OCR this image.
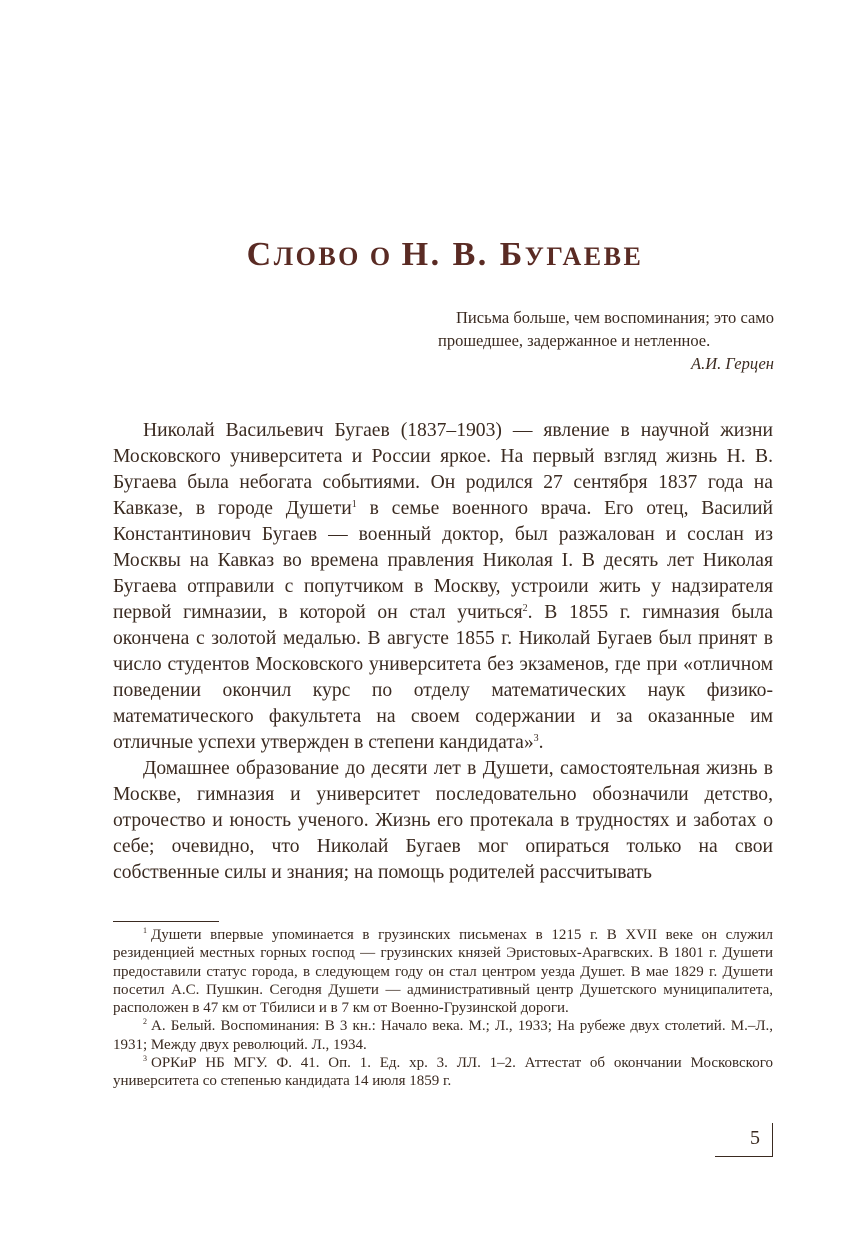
СЛОВО О Н. В. БУГАЕВЕ
Письма больше, чем воспоминания; это само прошедшее, задержанное и нетленное.
А.И. Герцен

Николай Васильевич Бугаев (1837–1903) — явление в научной жизни Московского университета и России яркое. На первый взгляд жизнь Н. В. Бугаева была небогата событиями. Он родился 27 сентября 1837 года на Кавказе, в городе Душети$^1$ в семье военного врача. Его отец, Василий Константинович Бугаев — военный доктор, был разжалован и сослан из Москвы на Кавказ во времена правления Николая I. В десять лет Николая Бугаева отправили с попутчиком в Москву, устроили жить у надзирателя первой гимназии, в которой он стал учиться$^2$. В 1855 г. гимназия была окончена с золотой медалью. В августе 1855 г. Николай Бугаев был принят в число студентов Московского университета без экзаменов, где при «отличном поведении окончил курс по отделу математических наук физико-математического факультета на своем содержании и за оказанные им отличные успехи утвержден в степени кандидата»$^3$.

Домашнее образование до десяти лет в Душети, самостоятельная жизнь в Москве, гимназия и университет последовательно обозначили детство, отрочество и юность ученого. Жизнь его протекала в трудностях и заботах о себе; очевидно, что Николай Бугаев мог опираться только на свои собственные силы и знания; на помощь родителей рассчитывать

$^1$ Душети впервые упоминается в грузинских письменах в 1215 г. В XVII веке он служил резиденцией местных горных господ — грузинских князей Эристовых-Арагвских. В 1801 г. Душети предоставили статус города, в следующем году он стал центром уезда Душет. В мае 1829 г. Душети посетил А.С. Пушкин. Сегодня Душети — административный центр Душетского муниципалитета, расположен в 47 км от Тбилиси и в 7 км от Военно-Грузинской дороги.

$^2$ А. Белый. Воспоминания: В 3 кн.: Начало века. М.; Л., 1933; На рубеже двух столетий. М.–Л., 1931; Между двух революций. Л., 1934.

$^3$ ОРКиР НБ МГУ. Ф. 41. Оп. 1. Ед. хр. 3. ЛЛ. 1–2. Аттестат об окончании Московского университета со степенью кандидата 14 июля 1859 г.

5
